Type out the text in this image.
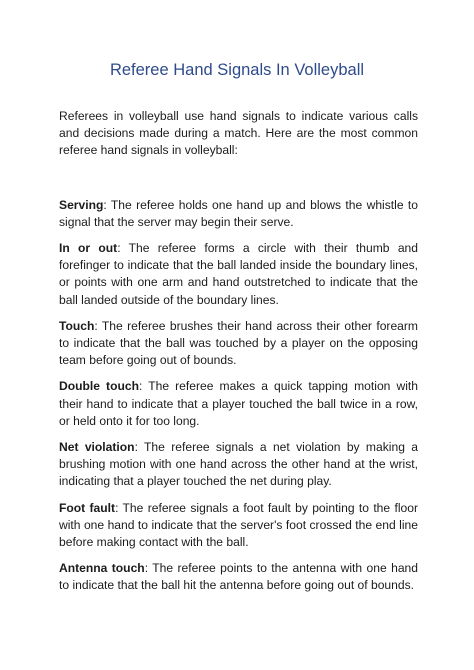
Referee Hand Signals In Volleyball

Referees in volleyball use hand signals to indicate various calls and decisions made during a match. Here are the most common referee hand signals in volleyball:

Serving: The referee holds one hand up and blows the whistle to signal that the server may begin their serve.

In or out: The referee forms a circle with their thumb and forefinger to indicate that the ball landed inside the boundary lines, or points with one arm and hand outstretched to indicate that the ball landed outside of the boundary lines.

Touch: The referee brushes their hand across their other forearm to indicate that the ball was touched by a player on the opposing team before going out of bounds.

Double touch: The referee makes a quick tapping motion with their hand to indicate that a player touched the ball twice in a row, or held onto it for too long.

Net violation: The referee signals a net violation by making a brushing motion with one hand across the other hand at the wrist, indicating that a player touched the net during play.

Foot fault: The referee signals a foot fault by pointing to the floor with one hand to indicate that the server's foot crossed the end line before making contact with the ball.

Antenna touch: The referee points to the antenna with one hand to indicate that the ball hit the antenna before going out of bounds.
